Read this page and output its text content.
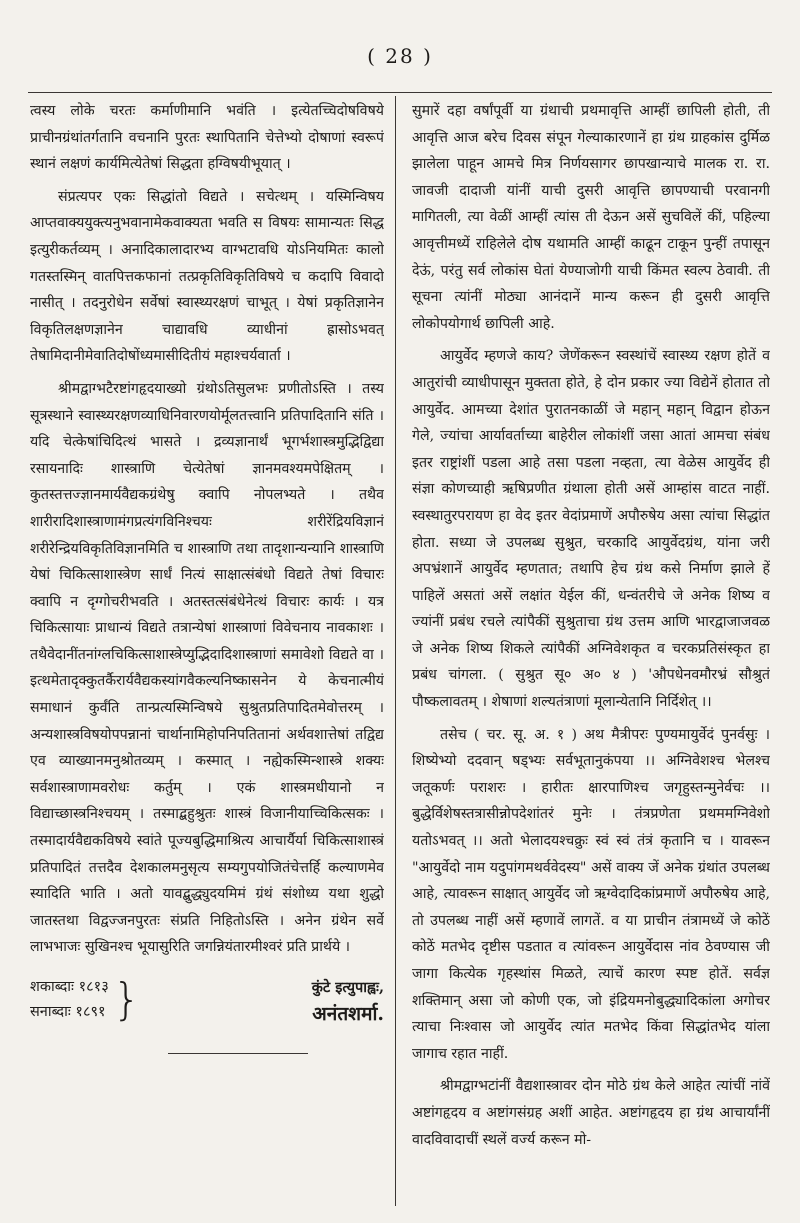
( 28 )

त्वस्य लोके चरतः कर्माणीमानि भवंति । इत्येतच्चिदोषविषये प्राचीनग्रंथांतर्गतानि वचनानि पुरतः स्थापितानि चेत्तेभ्यो दोषाणां स्वरूपं स्थानं लक्षणं कार्यमित्येतेषां सिद्धता हग्विषयीभूयात् ।

संप्रत्यपर एकः सिद्धांतो विद्यते । सचेत्थम् । यस्मिन्विषय आप्तवाक्ययुक्त्यनुभवानामेकवाक्यता भवति स विषयः सामान्यतः सिद्ध इत्युरीकर्तव्यम् । अनादिकालादारभ्य वाग्भटावधि योऽनियमितः कालो गतस्तस्मिन् वातपित्तकफानां तत्प्रकृतिविकृतिविषये च कदापि विवादो नासीत् । तदनुरोधेन सर्वेषां स्वास्थ्यरक्षणं चाभूत् । येषां प्रकृतिज्ञानेन विकृतिलक्षणज्ञानेन चाद्यावधि व्याधीनां ह्रासोऽभवत् तेषामिदानीमेवातिदोषोंध्यमासीदितीयं महाश्चर्यवार्ता ।

श्रीमद्वाग्भटैरष्टांगहृदयाख्यो ग्रंथोऽतिसुलभः प्रणीतोऽस्ति । तस्य सूत्रस्थाने स्वास्थ्यरक्षणव्याधिनिवारणयोर्मूलतत्त्वानि प्रतिपादितानि संति । यदि चेत्केषांचिदित्थं भासते । द्रव्यज्ञानार्थं भूगर्भशास्त्रमुद्भिद्विद्या रसायनादिः शास्त्राणि चेत्येतेषां ज्ञानमवश्यमपेक्षितम् । कुतस्तत्तज्ज्ञानमार्यवैद्यकग्रंथेषु क्वापि नोपलभ्यते । तथैव शारीरादिशास्त्राणामंगप्रत्यंगविनिश्चयः शरीरेंद्रियविज्ञानं शरीरेन्द्रियविकृतिविज्ञानमिति च शास्त्राणि तथा तादृशान्यन्यानि शास्त्राणि येषां चिकित्साशास्त्रेण सार्धं नित्यं साक्षात्संबंधो विद्यते तेषां विचारः क्वापि न दृग्गोचरीभवति । अतस्तत्संबंधेनेत्थं विचारः कार्यः । यत्र चिकित्सायाः प्राधान्यं विद्यते तत्रान्येषां शास्त्राणां विवेचनाय नावकाशः । तथैवेदानींतनांग्लचिकित्साशास्त्रेप्युद्भिदादिशास्त्राणां समावेशो विद्यते वा । इत्थमेतादृक्कुतर्कैरार्यवैद्यकस्यांगवैकल्यनिष्कासनेन ये केचनात्मीयं समाधानं कुर्वंति तान्प्रत्यस्मिन्विषये सुश्रुतप्रतिपादितमेवोत्तरम् । अन्यशास्त्रविषयोपपन्नानां चार्थानामिहोपनिपतितानां अर्थवशात्तेषां तद्विद्य एव व्याख्यानमनुश्रोतव्यम् । कस्मात् । नह्येकस्मिन्शास्त्रे शक्यः सर्वशास्त्राणामवरोधः कर्तुम् । एकं शास्त्रमधीयानो न विद्याच्छास्त्रनिश्चयम् । तस्माद्बहुश्रुतः शास्त्रं विजानीयाच्चिकित्सकः । तस्मादार्यवैद्यकविषये स्वांते पूज्यबुद्धिमाश्रित्य आचार्यैर्या चिकित्साशास्त्रं प्रतिपादितं तत्तदैव देशकालमनुसृत्य सम्यगुपयोजितंचेत्तर्हि कल्याणमेव स्यादिति भाति । अतो यावद्बुद्ध्युदयमिमं ग्रंथं संशोध्य यथा शुद्धो जातस्तथा विद्वज्जनपुरतः संप्रति निहितोऽस्ति । अनेन ग्रंथेन सर्वे लाभभाजः सुखिनश्च भूयासुरिति जगन्नियंतारमीश्वरं प्रति प्रार्थये ।

शकाब्दाः १८१३
सनाब्दाः १८९१ }	कुंटे इत्युपाह्वः,
अनंतशर्मा.

सुमारें दहा वर्षांपूर्वी या ग्रंथाची प्रथमावृत्ति आम्हीं छापिली होती, ती आवृत्ति आज बरेच दिवस संपून गेल्याकारणानें हा ग्रंथ ग्राहकांस दुर्मिळ झालेला पाहून आमचे मित्र निर्णयसागर छापखान्याचे मालक रा. रा. जावजी दादाजी यांनीं याची दुसरी आवृत्ति छापण्याची परवानगी मागितली, त्या वेळीं आम्हीं त्यांस ती देऊन असें सुचविलें कीं, पहिल्या आवृत्तीमध्यें राहिलेले दोष यथामति आम्हीं काढून टाकून पुन्हीं तपासून देऊं, परंतु सर्व लोकांस घेतां येण्याजोगी याची किंमत स्वल्प ठेवावी. ती सूचना त्यांनीं मोठ्या आनंदानें मान्य करून ही दुसरी आवृत्ति लोकोपयोगार्थ छापिली आहे.

आयुर्वेद म्हणजे काय? जेणेंकरून स्वस्थांचें स्वास्थ्य रक्षण होतें व आतुरांची व्याधीपासून मुक्तता होते, हे दोन प्रकार ज्या विद्येनें होतात तो आयुर्वेद. आमच्या देशांत पुरातनकाळीं जे महान् महान् विद्वान होऊन गेले, ज्यांचा आर्यावर्ताच्या बाहेरील लोकांशीं जसा आतां आमचा संबंध इतर राष्ट्रांशीं पडला आहे तसा पडला नव्हता, त्या वेळेस आयुर्वेद ही संज्ञा कोणच्याही ऋषिप्रणीत ग्रंथाला होती असें आम्हांस वाटत नाहीं. स्वस्थातुरपरायण हा वेद इतर वेदांप्रमाणें अपौरुषेय असा त्यांचा सिद्धांत होता. सध्या जे उपलब्ध सुश्रुत, चरकादि आयुर्वेदग्रंथ, यांना जरी अपभ्रंशानें आयुर्वेद म्हणतात; तथापि हेच ग्रंथ कसे निर्माण झाले हें पाहिलें असतां असें लक्षांत येईल कीं, धन्वंतरीचे जे अनेक शिष्य व ज्यांनीं प्रबंध रचले त्यांपैकीं सुश्रुताचा ग्रंथ उत्तम आणि भारद्वाजाजवळ जे अनेक शिष्य शिकले त्यांपैकीं अग्निवेशकृत व चरकप्रतिसंस्कृत हा प्रबंध चांगला. ( सुश्रुत सू० अ० ४ ) 'औपधेनवमौरभ्रं सौश्रुतं पौष्कलावतम् । शेषाणां शल्यतंत्राणां मूलान्येतानि निर्दिशेत् ।।

तसेच ( चर. सू. अ. १ ) अथ मैत्रीपरः पुण्यमायुर्वेदं पुनर्वसुः । शिष्येभ्यो ददवान् षड्भ्यः सर्वभूतानुकंपया ।। अग्निवेशश्च भेलश्च जतूकर्णः पराशरः । हारीतः क्षारपाणिश्च जगृहुस्तन्मुनेर्वचः ।। बुद्धेर्विशेषस्तत्रासीन्नोपदेशांतरं मुनेः । तंत्रप्रणेता प्रथममग्निवेशो यतोऽभवत् ।। अतो भेलादयश्चक्रुः स्वं स्वं तंत्रं कृतानि च । यावरून "आयुर्वेदो नाम यदुपांगमथर्ववेदस्य" असें वाक्य जें अनेक ग्रंथांत उपलब्ध आहे, त्यावरून साक्षात् आयुर्वेद जो ऋग्वेदादिकांप्रमाणें अपौरुषेय आहे, तो उपलब्ध नाहीं असें म्हणावें लागतें. व या प्राचीन तंत्रामध्यें जे कोठें कोठें मतभेद दृष्टीस पडतात व त्यांवरून आयुर्वेदास नांव ठेवण्यास जी जागा कित्येक गृहस्थांस मिळते, त्याचें कारण स्पष्ट होतें. सर्वज्ञ शक्तिमान् असा जो कोणी एक, जो इंद्रियमनोबुद्ध्यादिकांला अगोचर त्याचा निःश्वास जो आयुर्वेद त्यांत मतभेद किंवा सिद्धांतभेद यांला जागाच रहात नाहीं.

श्रीमद्वाग्भटांनीं वैद्यशास्त्रावर दोन मोठे ग्रंथ केले आहेत त्यांचीं नांवें अष्टांगहृदय व अष्टांगसंग्रह अशीं आहेत. अष्टांगहृदय हा ग्रंथ आचार्यांनीं वादविवादाचीं स्थलें वर्ज्य करून मो-
